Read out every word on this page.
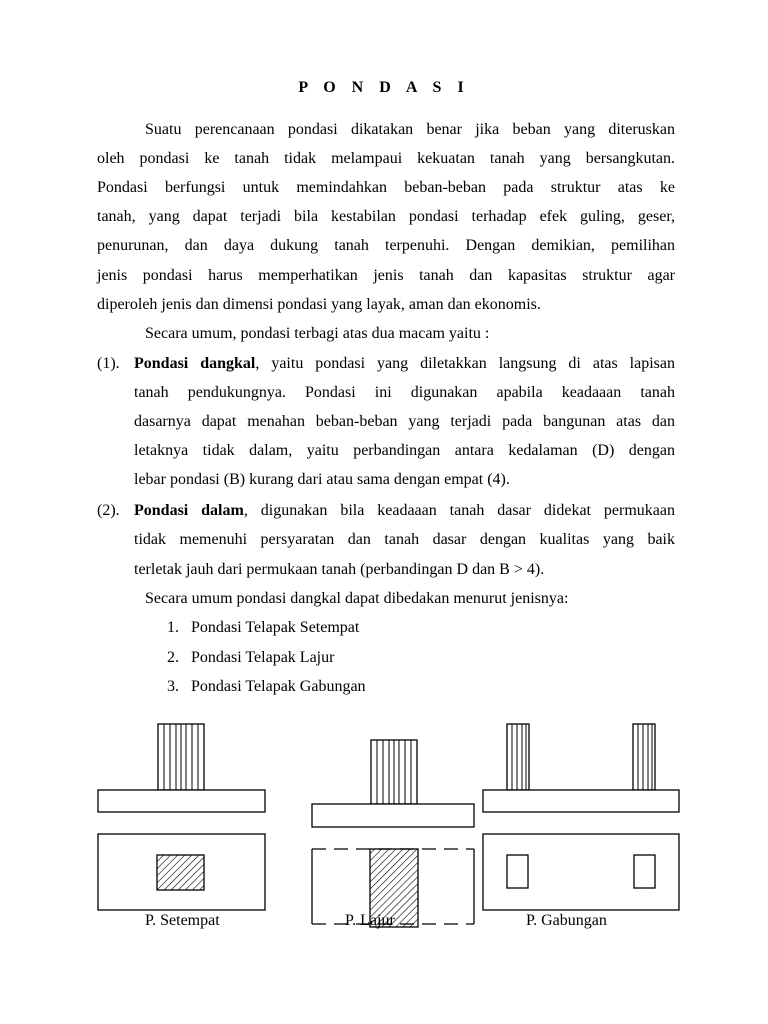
P O N D A S I
Suatu perencanaan pondasi dikatakan benar jika beban yang diteruskan
oleh pondasi ke tanah tidak melampaui kekuatan tanah yang bersangkutan.
Pondasi berfungsi untuk memindahkan beban-beban pada struktur atas ke
tanah, yang dapat terjadi bila kestabilan pondasi terhadap efek guling, geser,
penurunan, dan daya dukung tanah terpenuhi. Dengan demikian, pemilihan
jenis pondasi harus memperhatikan jenis tanah dan kapasitas struktur agar
diperoleh jenis dan dimensi pondasi yang layak, aman dan ekonomis.
Secara umum, pondasi terbagi atas dua macam yaitu :
(1). Pondasi dangkal, yaitu pondasi yang diletakkan langsung di atas lapisan
tanah pendukungnya. Pondasi ini digunakan apabila keadaaan tanah
dasarnya dapat menahan beban-beban yang terjadi pada bangunan atas dan
letaknya tidak dalam, yaitu perbandingan antara kedalaman (D) dengan
lebar pondasi (B) kurang dari atau sama dengan empat (4).
(2). Pondasi dalam, digunakan bila keadaaan tanah dasar didekat permukaan
tidak memenuhi persyaratan dan tanah dasar dengan kualitas yang baik
terletak jauh dari permukaan tanah (perbandingan D dan B > 4).
Secara umum pondasi dangkal dapat dibedakan menurut jenisnya:
1. Pondasi Telapak Setempat
2. Pondasi Telapak Lajur
3. Pondasi Telapak Gabungan
P. Setempat	P. Lajur	P. Gabungan
